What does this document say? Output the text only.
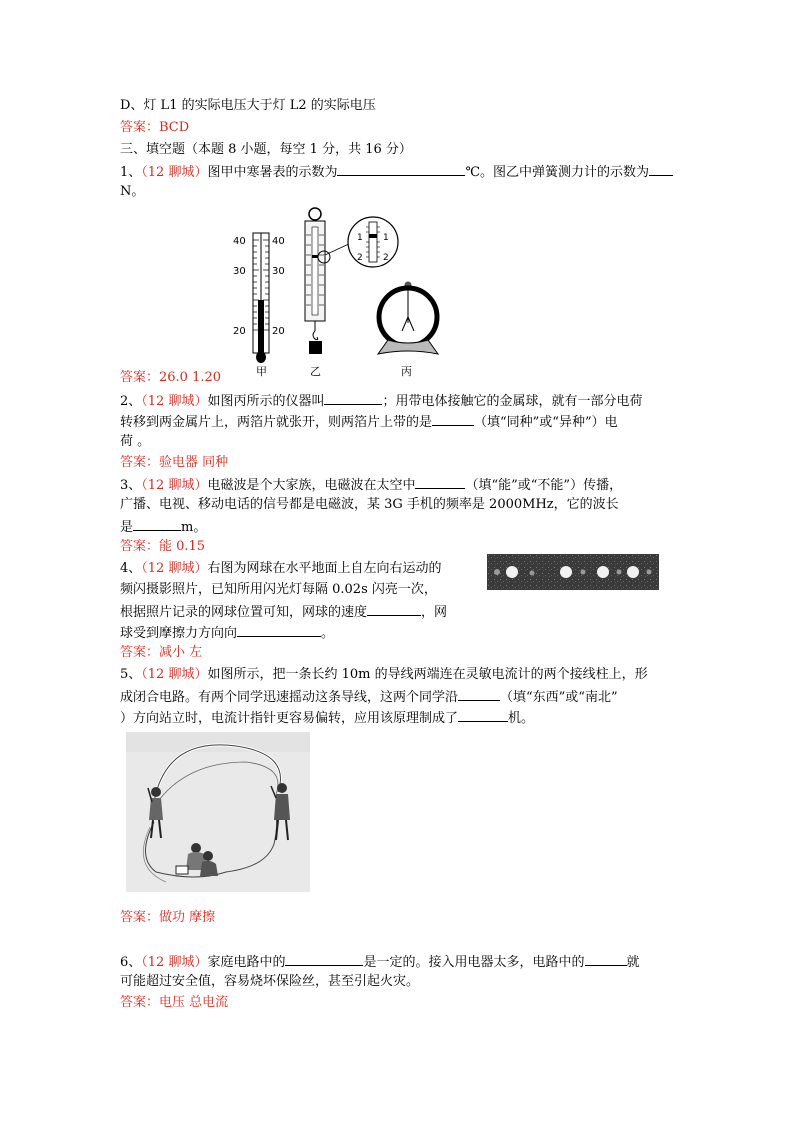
D、灯 L1 的实际电压大于灯 L2 的实际电压
答案：BCD
三、填空题（本题 8 小题，每空 1 分，共 16 分）
1、（12 聊城）图甲中寒暑表的示数为	℃。图乙中弹簧测力计的示数为
N。
40	40
30	30
20	20
甲	乙
1 1
2 2
丙
答案：26.0 1.20
2、（12 聊城）如图丙所示的仪器叫	；用带电体接触它的金属球，就有一部分电荷
转移到两金属片上，两箔片就张开，则两箔片上带的是	（填“同种”或“异种”）电
荷 。
答案：验电器 同种
3、（12 聊城）电磁波是个大家族，电磁波在太空中	（填“能”或“不能”）传播，
广播、电视、移动电话的信号都是电磁波，某 3G 手机的频率是 2000MHz，它的波长
是	m。
答案：能 0.15
4、（12 聊城）右图为网球在水平地面上自左向右运动的
频闪摄影照片，已知所用闪光灯每隔 0.02s 闪亮一次，
根据照片记录的网球位置可知，网球的速度	，网
球受到摩擦力方向向	。
答案：减小 左
5、（12 聊城）如图所示，把一条长约 10m 的导线两端连在灵敏电流计的两个接线柱上，形
成闭合电路。有两个同学迅速摇动这条导线，这两个同学沿	（填“东西”或“南北”
）方向站立时，电流计指针更容易偏转，应用该原理制成了	机。
答案：做功 摩擦
6、（12 聊城）家庭电路中的	是一定的。接入用电器太多，电路中的	就
可能超过安全值，容易烧坏保险丝，甚至引起火灾。
答案：电压 总电流
